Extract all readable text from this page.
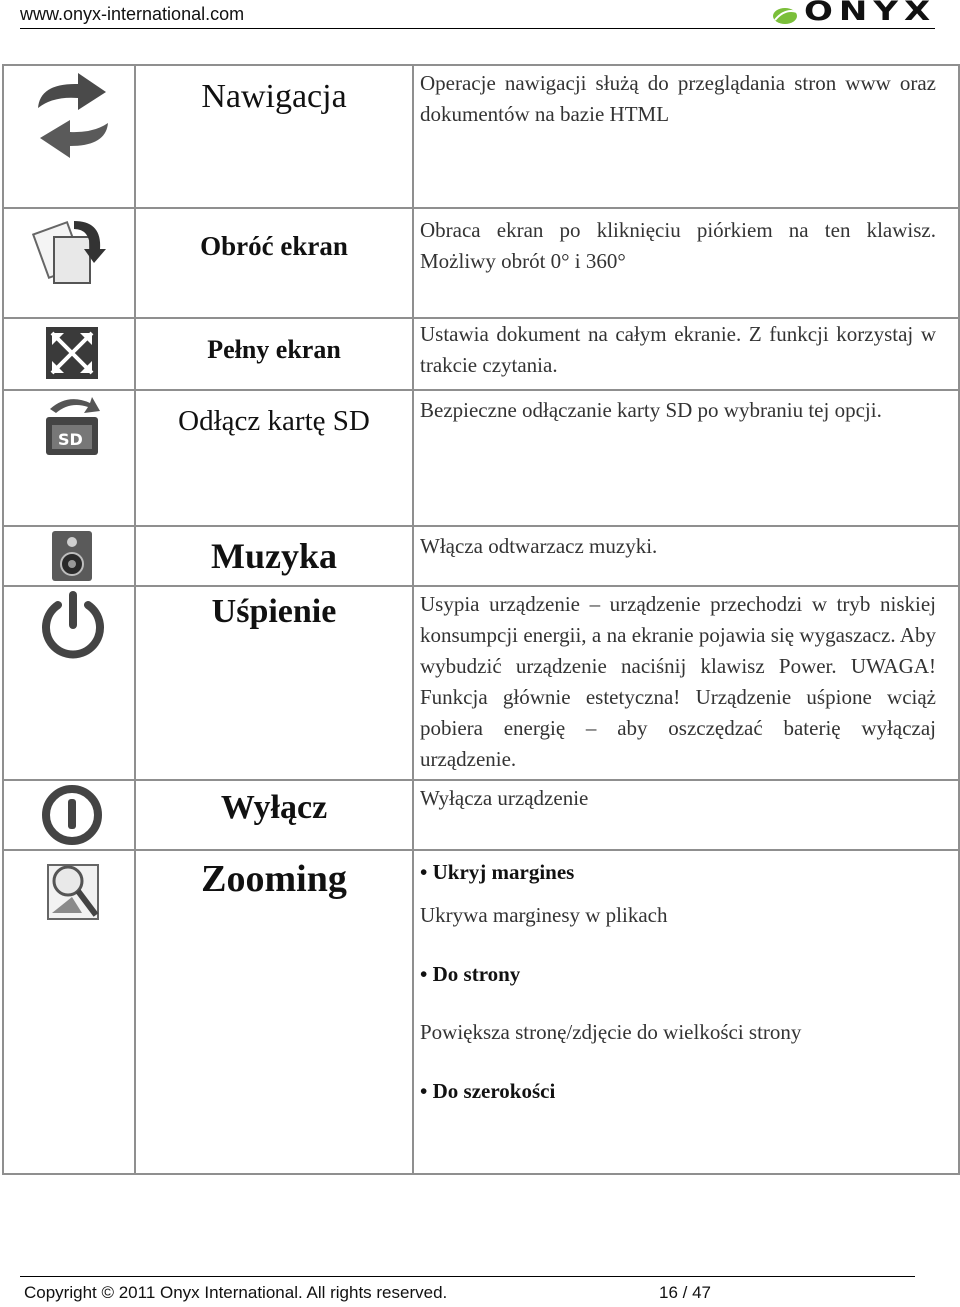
www.onyx-international.com	ONYX

Nawigacja	Operacje nawigacji służą do przeglądania stron www oraz dokumentów na bazie HTML

Obróć ekran	Obraca ekran po kliknięciu piórkiem na ten klawisz. Możliwy obrót 0° i 360°

Pełny ekran	Ustawia dokument na całym ekranie. Z funkcji korzystaj w trakcie czytania.

SD	Odłącz kartę SD	Bezpieczne odłączanie karty SD po wybraniu tej opcji.

Muzyka	Włącza odtwarzacz muzyki.

Uśpienie	Usypia urządzenie – urządzenie przechodzi w tryb niskiej konsumpcji energii, a na ekranie pojawia się wygaszacz. Aby wybudzić urządzenie naciśnij klawisz Power. UWAGA! Funkcja głównie estetyczna! Urządzenie uśpione wciąż pobiera energię – aby oszczędzać baterię wyłączaj urządzenie.

Wyłącz	Wyłącza urządzenie

Zooming	• Ukryj margines

Ukrywa marginesy w plikach

• Do strony

Powiększa stronę/zdjęcie do wielkości strony

• Do szerokości

Copyright © 2011 Onyx International. All rights reserved.	16 / 47
